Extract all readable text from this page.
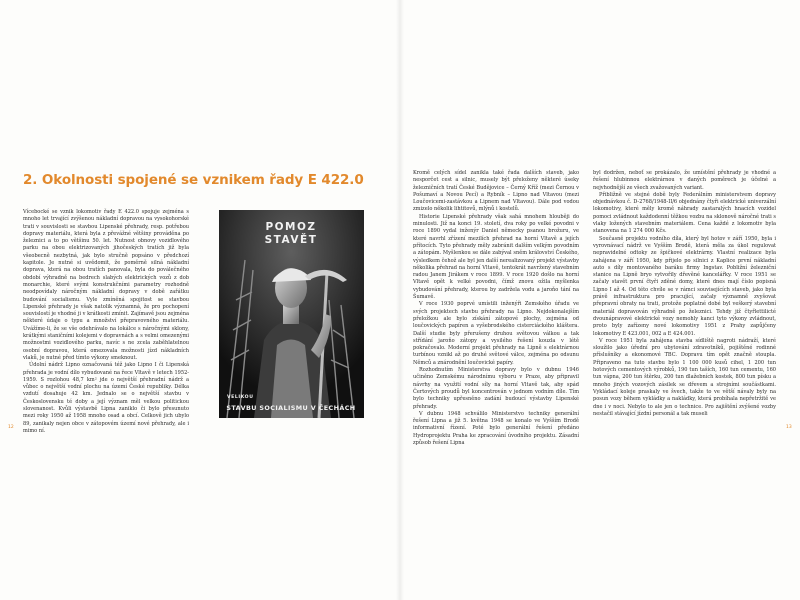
2. Okolnosti spojené se vznikem řady E 422.0

Vícebocké se vznik lokomotiv řady E 422.0 spojuje zejména s mnoho let trvající zvýšenou nákladní dopravou na vysokohorské trati v souvislosti se stavbou Lipenské přehrady, resp. potřebou dopravy materiálu, která byla z převážné většiny prováděna po železnici a to po většinu 50. let. Nutnost obnovy vozidlového parku na obou elektrizovaných jihočeských tratích již byla všeobecně nezbytná, jak bylo stručně popsáno v předchozí kapitole. Je nutné si uvědomit, že poměrně silná nákladní doprava, která na obou tratích panovala, byla do poválečného období výhradně na bedrech slabých elektrických vozů z dob monarchie, které svými konstrukčními parametry rozhodně neodpovídaly náročným nákladní dopravy v době zařátku budování socialismu. Vyle zmíněná spojitost se stavbou Lipenské přehrady je však natolik významná, že pro pochopení souvislostí je vhodné ji v krátkosti zmínit. Zajímavě jsou zejména některé údaje o typu a množství přepravovného materiálu. Uvážíme-li, že se vše odehrávalo na lokálce s náročnými sklony, krátkými staničními kolejemi v dopravnách a s velmi omezenými možnostmi vozidlového parku, navíc s ne zcela zaběhlatelnou osobní dopravou, která omezovala možnosti jízd nákladních vlaků, je nutné před tímto výkony smeknout.

Údolní nádrž Lipno označovaná též jako Lipno I či Lipenská přehrada je vodní dílo vybudované na řece Vltavě v letech 1952-1959. S rozlohou 48,7 km² jde o největší přehradní nádrž a vůbec o největší vodní plochu na území České republiky. Délka vzdutí dosahuje 42 km. Jednalo se o největší stavbu v Československu té doby a její význam měl velkou politickou slovenanost. Kvůli výstavbě Lipna zaniklo či bylo přesunuto mezi roky 1950 až 1958 mnoho osad a obcí. Celkově jich ubylo 89, zanikaly nejen obce v zátopovém území nové přehrady, ale i mimo ní.

POMOZ
STAVĚT
VELIKOU
STAVBU SOCIALISMU V ČECHÁCH

Kromě celých sídel zanikla také řada dalších staveb, jako nesporčet cest a silnic, musely být přeloženy některé úseky železničních tratí České Budějovice – Černý Kříž (mezi Černou v Pošumaví a Novou Pecí) a Rybník – Lipno nad Vltavou (mezi Loučovicemi-zastávkou a Lipnem nad Vltavou). Dále pod vodou zmizelo několik lihtitovů, mlýnů i kostelů.

Historie Lipenské přehrady však sahá mnohem hlouběji do minulosti. Již na konci 19. století, dva roky po velké povodni v roce 1890 vydal inženýr Daniel německy psanou brožuru, ve které navrhl zřízení mezilích přehrad na horní Vltavě a jejích přítocích. Tyto přehrady měly zabránit dalším velkým povodním a zátopám. Myšlenkou se dále zabýval sněm království Českého, výsledkem čehož ale byl jen další nerealizovaný projekt výstavby několika přehrad na horní Vltavě, tentokrát navržený stavebním radou Janem Jirákem v roce 1899. V roce 1920 došlo na horní Vltavě opět k velké povodni, čímž znovu ožila myšlenka vybudování přehrady, kterou by zadržela vodu a jaroňo tání na Šumavě.

V roce 1930 poprvé umístili inženýři Zemského úřadu ve svých projektech stavbu přehrady na Lipno. Nejdokonalejším přeložkou ale bylo získání zátopové plochy, zejména od loučovických papíren a vyšebrodského cisterciáckého kláštera. Další studie byly přerušeny druhou světovou válkou a tak střídání jaroňo zátopy a vysilého řešení kouzla v létě pokračovalo. Moderní projekt přehrady na Lipně s elektrárnou turbínou vznikl až po druhé světové válce, zejména po odsunu Němců a znárodnění loučovické papíry.

Rozhodnutím Ministerstva dopravy bylo v dubnu 1946 učiněno Zemskému národnímu výboru v Praze, aby připravil návrhy na využití vodní síly na horní Vltavě tak, aby spád Čertových proudů byl koncentrován v jednom vodním díle. Tím bylo techniky upřesněno zadání budoucí výstavby Lipenské přehrady.

V dubnu 1948 schválilo Ministerstvo techniky generální řešení Lipna a již 5. května 1948 se konalo ve Vyšším Brodě informativní řízení. Poté bylo generální řešení předáno Hydroprojektu Praha ke zpracování úvodního projektu. Zásadní způsob řešení Lipna

byl dodržen, neboť se prokázalo, že umístění přehrady je vhodné a řešení hlubinnou elektrárnou v daných poměrech je účelné a nejvhodnější ze všech zvažovaných variant.

Přibližně ve stejné době byly Federálním ministerstvem dopravy objednávkou č. D-2768/1948-II/6 objednány čtyři elektrické univerzální lokomotivy, které měly kromě náhrady zastaralých hnacích vozidel pomoci zvládnout každodenní těžkou vozbu na sklonově náročné trati s vlaky ložených stavebním materiálem. Cena každé z lokomotiv byla stanovena na 1 274 000 Kčs.

Současně projektu vodního díla, který byl hotov v září 1950, byla i vyrovnávací nádrž ve Vyšším Brodě, která měla za úkol regulovat nepravidelné odtoky ze špičkové elektrárny. Vlastní realizace byla zahájena v září 1950, kdy přijelo po silnici z Kaplice první nákladní auto s díly montovaného baráku firmy Ingstav. Pobližní železniční stanice na Lipně bryo vytvořily dřevěné kancelářky. V roce 1951 se začaly stavět první čtyři zděné domy, které dnes mají číslo popisná Lipno I až 4. Od této chvíle se v rámci souvisejících staveb, jako byla právě infrastruktura pro pracující, začaly významně zvyšovat přepravní obraty na trati, protože poplatné dobé byl veškerý stavební materiál dopravován výhradně po železnici. Tehdy již čtyřlettilicté dvounápravové elektrické vozy nemohly kanci tyto výkony zvládnout, proto byly zařízeny nové lokomotivy 1951 z Prahy zapůjčeny lokomotivy E 423.001, 002 a E 424.001.

V roce 1951 byla zahájena stavba sídliště nagroti nádraží, které sloužilo jako úřední pro ubytování zdravotníků, pojištěné rodinné příslušníky a ekonomové TBC. Dopravu tím opět značně stoupla. Připraveno na tuto stavbu bylo 1 100 000 kusů cihel, 1 200 tun hotových cementových výrobků, 190 tun taších, 160 tun cementu, 160 tun vápna, 200 tun štěrku, 200 tun dlažebních kostek, 800 tun písku a mnoho jiných vozových zásilek se dřevem a strojními součástkami. Vykládací koleje praskaly ve švech, takže to ve větší návaly byly na posun vozy během vykládky a nakládky, která probíhala nepřetržitě ve dne i v noci. Nebylo to ale jen o technice. Pro zajištění zvýšené vozby nestačil stávající jízdní personál a tak museli

12	13
